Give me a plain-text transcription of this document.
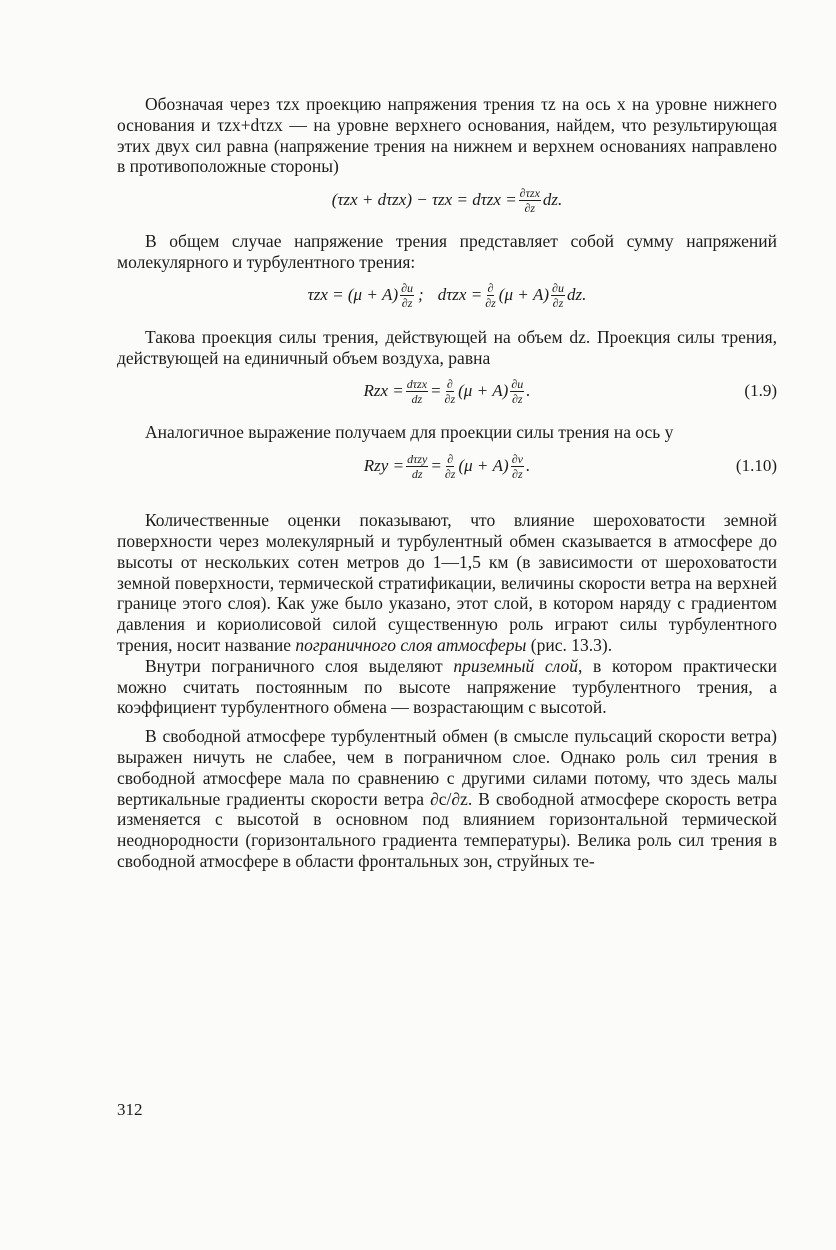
Обозначая через τzx проекцию напряжения трения τz на ось x на уровне нижнего основания и τzx+dτzx — на уровне верхнего основания, найдем, что результирующая этих двух сил равна (напряжение трения на нижнем и верхнем основаниях направлено в противоположные стороны)

$(\tau zx + d\tau zx) - \tau zx = d\tau zx = \frac{\text{∂τzx}}{\partial z}$ dz.

В общем случае напряжение трения представляет собой сумму напряжений молекулярного и турбулентного трения:

$\tau zx = (\mu + A) \frac{\partial u}{\partial z}$ ; $d\tau zx = \frac{\partial}{\partial z} (\mu + A) \frac{\partial u}{\partial z}$ dz.

Такова проекция силы трения, действующей на объем dz. Проекция силы трения, действующей на единичный объем воздуха, равна

Rzx = $\frac{\text{dτzx}}{dz} = \frac{\partial}{\partial z} (\mu + A) \frac{\partial u}{\partial z}$ .	(1.9)

Аналогичное выражение получаем для проекции силы трения на ось y

Rzy = $\frac{\text{dτzy}}{dz} = \frac{\partial}{\partial z} (\mu + A) \frac{\partial v}{\partial z}$ .	(1.10)

Количественные оценки показывают, что влияние шероховатости земной поверхности через молекулярный и турбулентный обмен сказывается в атмосфере до высоты от нескольких сотен метров до 1—1,5 км (в зависимости от шероховатости земной поверхности, термической стратификации, величины скорости ветра на верхней границе этого слоя). Как уже было указано, этот слой, в котором наряду с градиентом давления и кориолисовой силой существенную роль играют силы турбулентного трения, носит название пограничного слоя атмосферы (рис. 13.3).

Внутри пограничного слоя выделяют приземный слой, в котором практически можно считать постоянным по высоте напряжение турбулентного трения, а коэффициент турбулентного обмена — возрастающим с высотой.

В свободной атмосфере турбулентный обмен (в смысле пульсаций скорости ветра) выражен ничуть не слабее, чем в пограничном слое. Однако роль сил трения в свободной атмосфере мала по сравнению с другими силами потому, что здесь малы вертикальные градиенты скорости ветра ∂c/∂z. В свободной атмосфере скорость ветра изменяется с высотой в основном под влиянием горизонтальной термической неоднородности (горизонтального градиента температуры). Велика роль сил трения в свободной атмосфере в области фронтальных зон, струйных те-

312
